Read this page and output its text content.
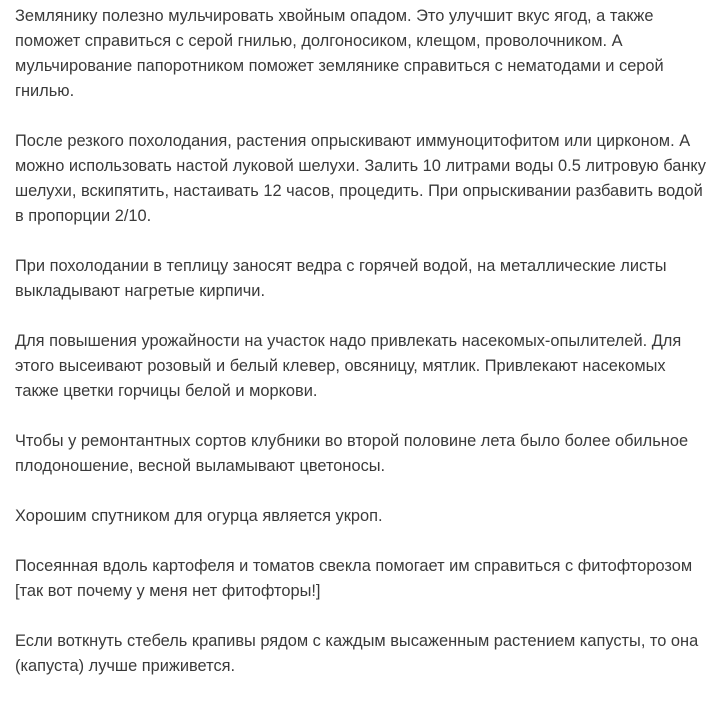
Землянику полезно мульчировать хвойным опадом. Это улучшит вкус ягод, а также
поможет справиться с серой гнилью, долгоносиком, клещом, проволочником. А
мульчирование папоротником поможет землянике справиться с нематодами и серой
гнилью.

После резкого похолодания, растения опрыскивают иммуноцитофитом или цирконом. А
можно использовать настой луковой шелухи. Залить 10 литрами воды 0.5 литровую банку
шелухи, вскипятить, настаивать 12 часов, процедить. При опрыскивании разбавить водой
в пропорции 2/10.

При похолодании в теплицу заносят ведра с горячей водой, на металлические листы
выкладывают нагретые кирпичи.

Для повышения урожайности на участок надо привлекать насекомых-опылителей. Для
этого высеивают розовый и белый клевер, овсяницу, мятлик. Привлекают насекомых
также цветки горчицы белой и моркови.

Чтобы у ремонтантных сортов клубники во второй половине лета было более обильное
плодоношение, весной выламывают цветоносы.

Хорошим спутником для огурца является укроп.

Посеянная вдоль картофеля и томатов свекла помогает им справиться с фитофторозом
[так вот почему у меня нет фитофторы!]

Если воткнуть стебель крапивы рядом с каждым высаженным растением капусты, то она
(капуста) лучше приживется.
